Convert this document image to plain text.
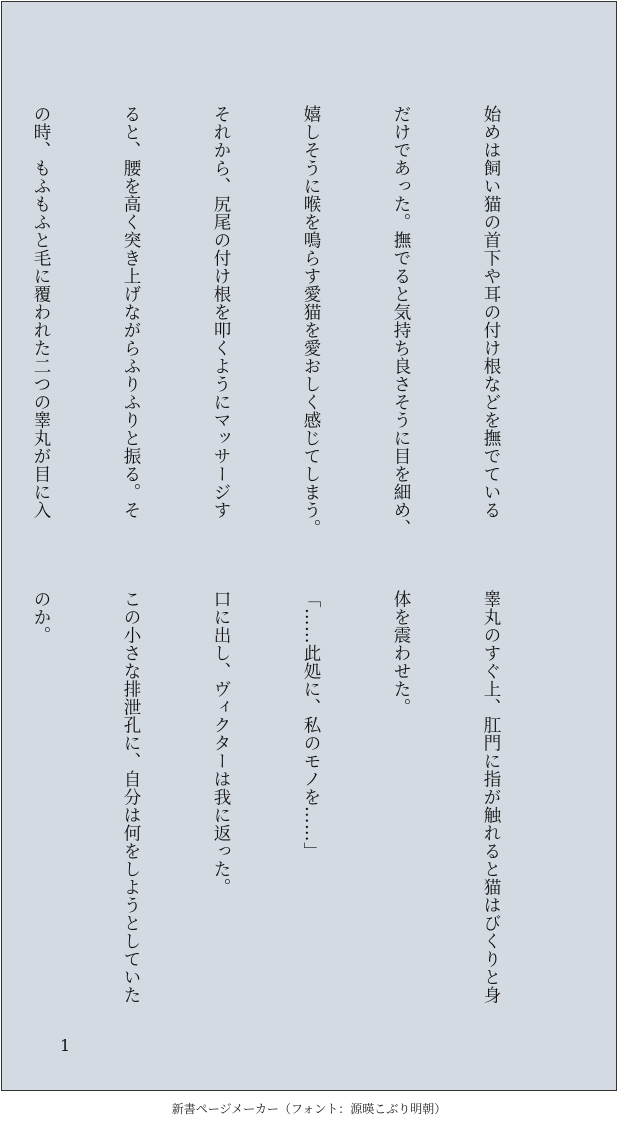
始めは飼い猫の首下や耳の付け根などを撫でている

だけであった。撫でると気持ち良さそうに目を細め、

嬉しそうに喉を鳴らす愛猫を愛おしく感じてしまう。

それから、尻尾の付け根を叩くようにマッサージす

ると、腰を高く突き上げながらふりふりと振る。そ

の時、もふもふと毛に覆われた二つの睾丸が目に入

睾丸のすぐ上、肛門に指が触れると猫はびくりと身

体を震わせた。

「……此処に、私のモノを……」

口に出し、ヴィクターは我に返った。

この小さな排泄孔に、自分は何をしようとしていた

のか。

1
新書ページメーカー（フォント：源暎こぶり明朝）
